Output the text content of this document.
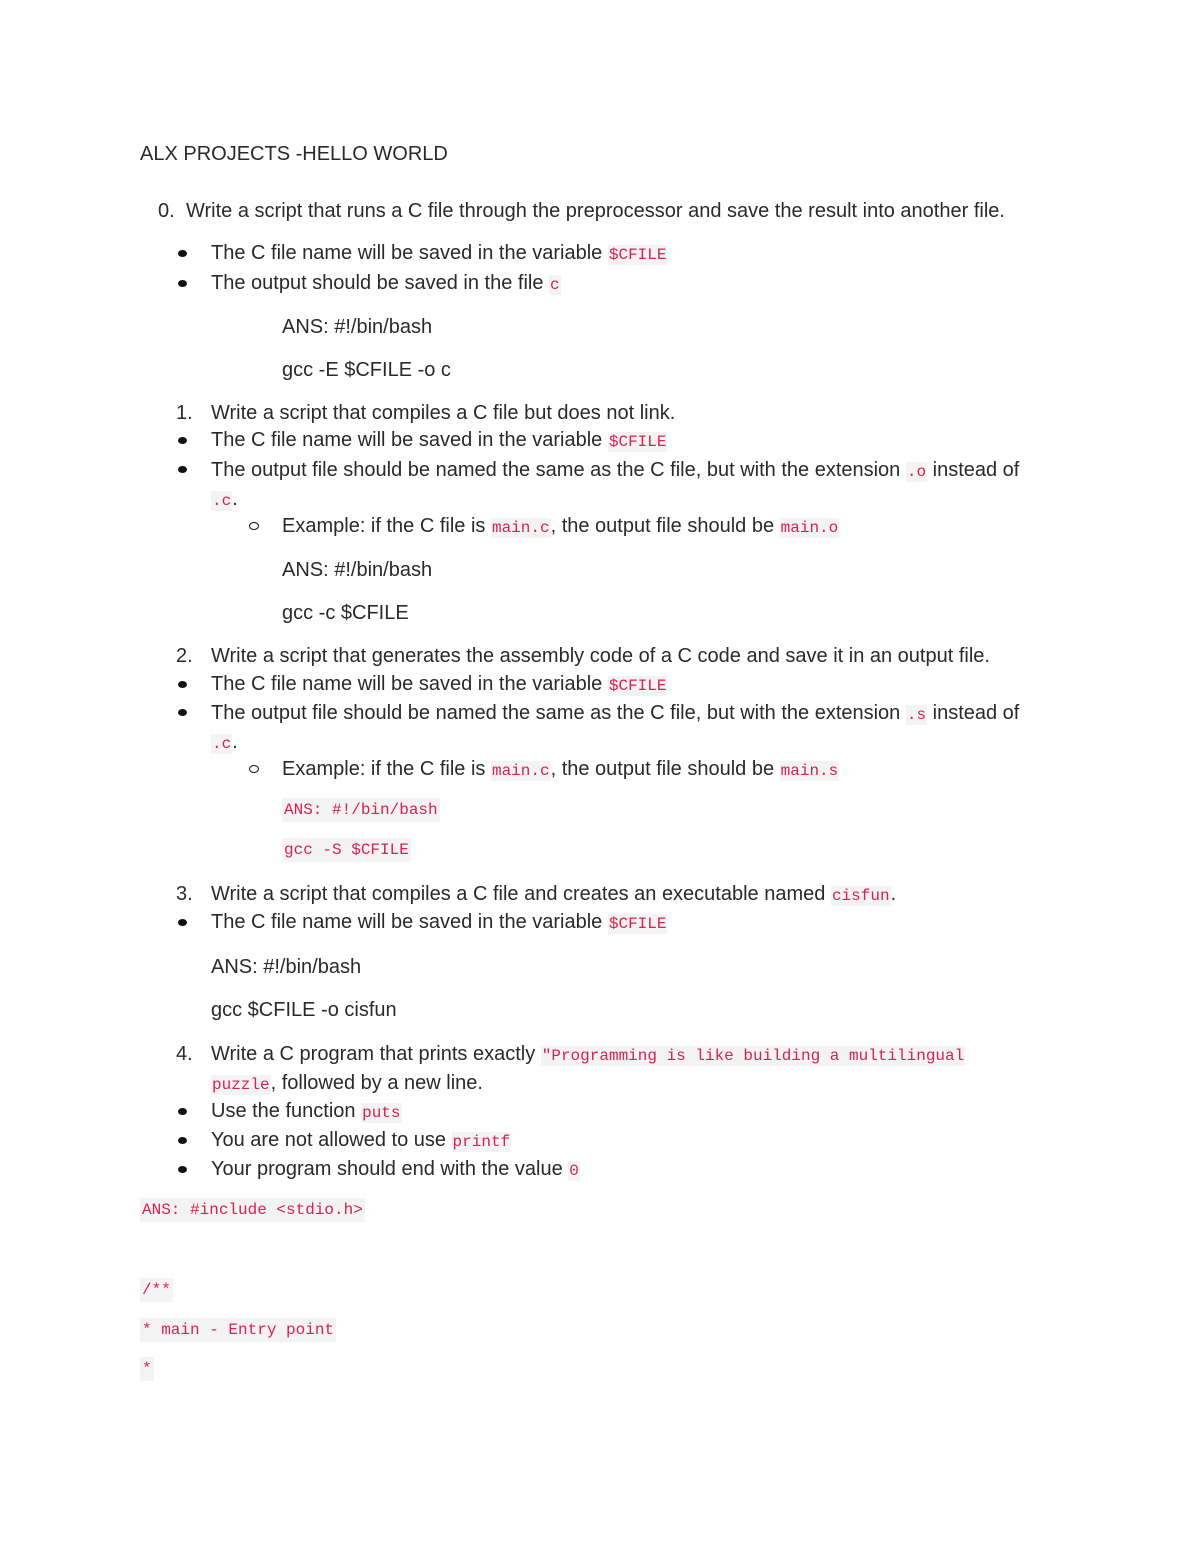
ALX PROJECTS -HELLO WORLD
0. Write a script that runs a C file through the preprocessor and save the result into another file.
The C file name will be saved in the variable $CFILE
The output should be saved in the file c
ANS: #!/bin/bash
gcc -E $CFILE -o c
1. Write a script that compiles a C file but does not link.
The C file name will be saved in the variable $CFILE
The output file should be named the same as the C file, but with the extension .o instead of
.c.
Example: if the C file is main.c, the output file should be main.o
ANS: #!/bin/bash
gcc -c $CFILE
2. Write a script that generates the assembly code of a C code and save it in an output file.
The C file name will be saved in the variable $CFILE
The output file should be named the same as the C file, but with the extension .s instead of
.c.
Example: if the C file is main.c, the output file should be main.s
ANS: #!/bin/bash
gcc -S $CFILE
3. Write a script that compiles a C file and creates an executable named cisfun.
The C file name will be saved in the variable $CFILE
ANS: #!/bin/bash
gcc $CFILE -o cisfun
4. Write a C program that prints exactly "Programming is like building a multilingual
puzzle, followed by a new line.
Use the function puts
You are not allowed to use printf
Your program should end with the value 0
ANS: #include <stdio.h>
/**
* main - Entry point
*
